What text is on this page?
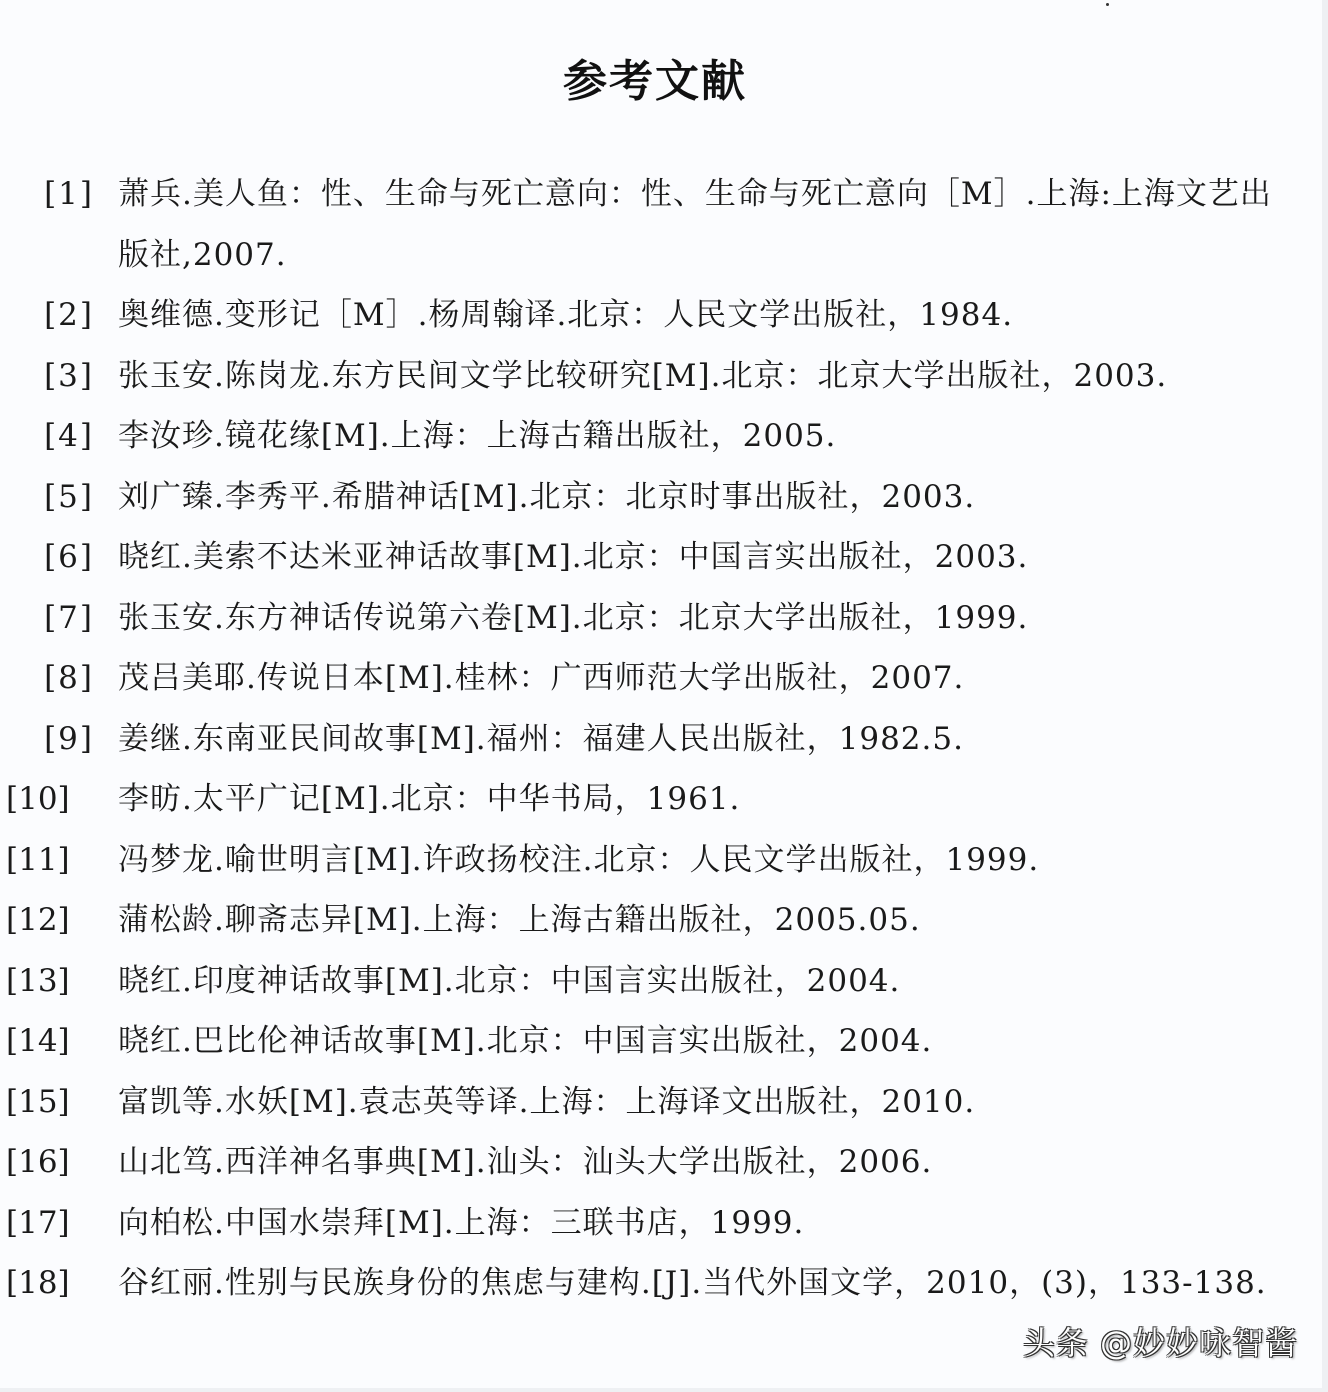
参考文献
[1] 萧兵.美人鱼：性、生命与死亡意向：性、生命与死亡意向［M］.上海:上海文艺出版社,2007.
[2] 奥维德.变形记［M］.杨周翰译.北京：人民文学出版社，1984.
[3] 张玉安.陈岗龙.东方民间文学比较研究[M].北京：北京大学出版社，2003.
[4] 李汝珍.镜花缘[M].上海：上海古籍出版社，2005.
[5] 刘广臻.李秀平.希腊神话[M].北京：北京时事出版社，2003.
[6] 晓红.美索不达米亚神话故事[M].北京：中国言实出版社，2003.
[7] 张玉安.东方神话传说第六卷[M].北京：北京大学出版社，1999.
[8] 茂吕美耶.传说日本[M].桂林：广西师范大学出版社，2007.
[9] 姜继.东南亚民间故事[M].福州：福建人民出版社，1982.5.
[10] 李昉.太平广记[M].北京：中华书局，1961.
[11] 冯梦龙.喻世明言[M].许政扬校注.北京：人民文学出版社，1999.
[12] 蒲松龄.聊斋志异[M].上海：上海古籍出版社，2005.05.
[13] 晓红.印度神话故事[M].北京：中国言实出版社，2004.
[14] 晓红.巴比伦神话故事[M].北京：中国言实出版社，2004.
[15] 富凯等.水妖[M].袁志英等译.上海：上海译文出版社，2010.
[16] 山北笃.西洋神名事典[M].汕头：汕头大学出版社，2006.
[17] 向柏松.中国水崇拜[M].上海：三联书店，1999.
[18] 谷红丽.性别与民族身份的焦虑与建构.[J].当代外国文学，2010，(3)，133-138.
头条 @妙妙咏智酱
